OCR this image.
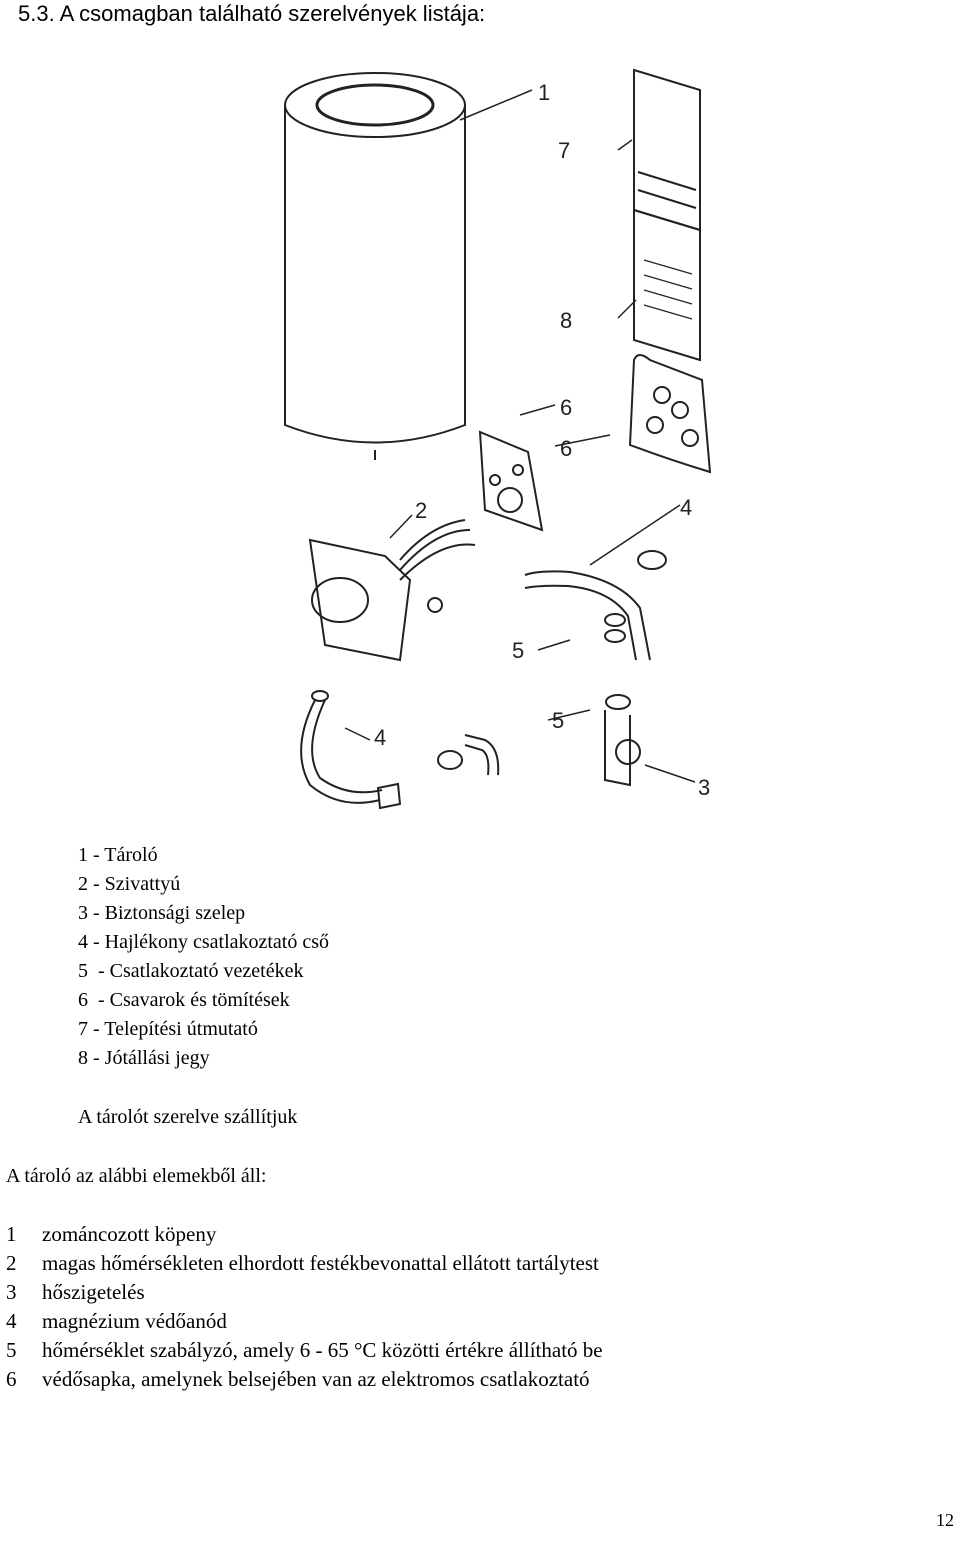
5.3. A csomagban található szerelvények listája:
1
7
8
6
6
2	4
5
4
5
3
1 - Tároló
2 - Szivattyú
3 - Biztonsági szelep
4 - Hajlékony csatlakoztató cső
5  - Csatlakoztató vezetékek
6  - Csavarok és tömítések
7 - Telepítési útmutató
8 - Jótállási jegy
A tárolót szerelve szállítjuk
A tároló az alábbi elemekből áll:
1	zománcozott köpeny
2	magas hőmérsékleten elhordott festékbevonattal ellátott tartálytest
3	hőszigetelés
4	magnézium védőanód
5	hőmérséklet szabályzó, amely 6 - 65 °C közötti értékre állítható be
6	védősapka, amelynek belsejében van az elektromos csatlakoztató
12
